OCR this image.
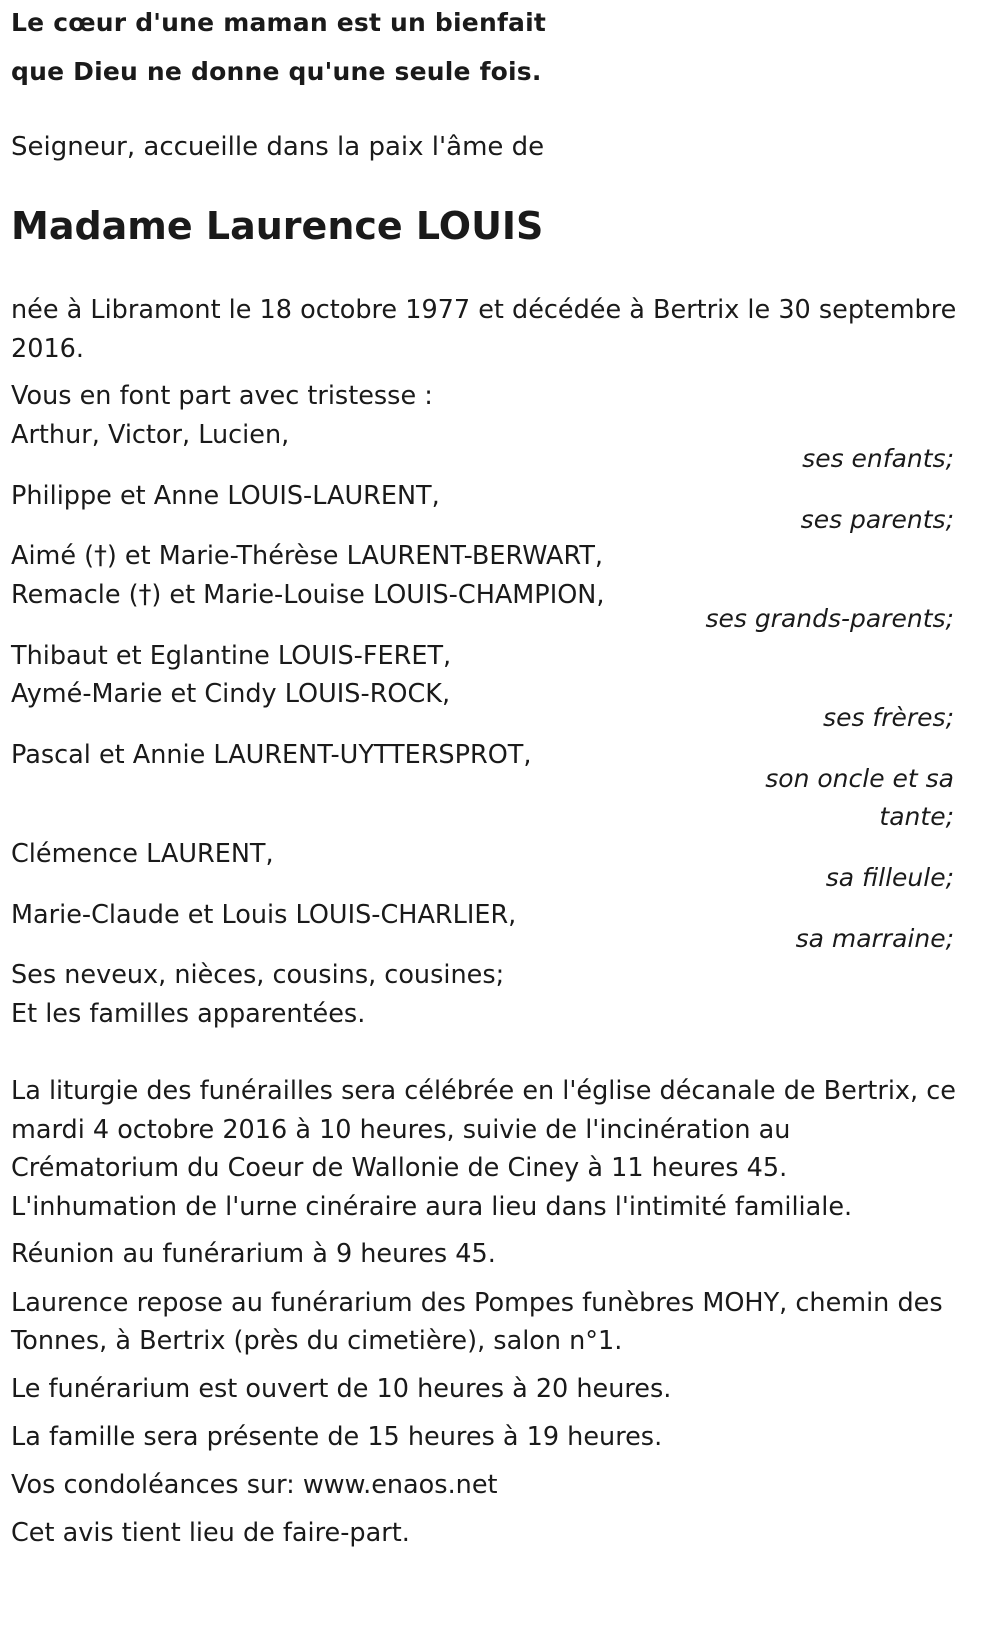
Le cœur d'une maman est un bienfait

que Dieu ne donne qu'une seule fois.

Seigneur, accueille dans la paix l'âme de

Madame Laurence LOUIS

née à Libramont le 18 octobre 1977 et décédée à Bertrix le 30 septembre

2016.

Vous en font part avec tristesse :

Arthur, Victor, Lucien,

ses enfants;

Philippe et Anne LOUIS-LAURENT,

ses parents;

Aimé (†) et Marie-Thérèse LAURENT-BERWART,

Remacle (†) et Marie-Louise LOUIS-CHAMPION,

ses grands-parents;

Thibaut et Eglantine LOUIS-FERET,

Aymé-Marie et Cindy LOUIS-ROCK,

ses frères;

Pascal et Annie LAURENT-UYTTERSPROT,

son oncle et sa

tante;

Clémence LAURENT,

sa filleule;

Marie-Claude et Louis LOUIS-CHARLIER,

sa marraine;

Ses neveux, nièces, cousins, cousines;

Et les familles apparentées.

La liturgie des funérailles sera célébrée en l'église décanale de Bertrix, ce

mardi 4 octobre 2016 à 10 heures, suivie de l'incinération au

Crématorium du Coeur de Wallonie de Ciney à 11 heures 45.

L'inhumation de l'urne cinéraire aura lieu dans l'intimité familiale.

Réunion au funérarium à 9 heures 45.

Laurence repose au funérarium des Pompes funèbres MOHY, chemin des

Tonnes, à Bertrix (près du cimetière), salon n°1.

Le funérarium est ouvert de 10 heures à 20 heures.

La famille sera présente de 15 heures à 19 heures.

Vos condoléances sur: www.enaos.net

Cet avis tient lieu de faire-part.
